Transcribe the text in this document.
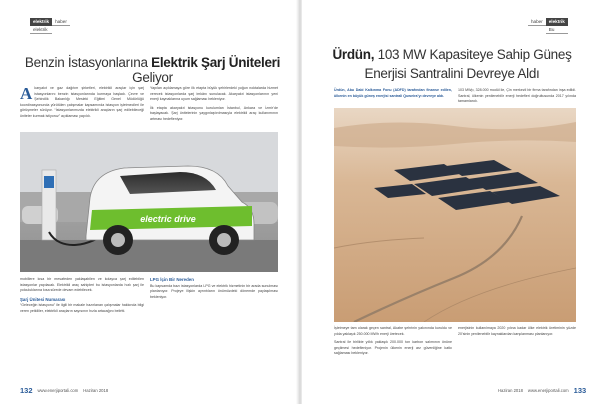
elektrik
elektrik
haber
Benzin İstasyonlarına Elektrik Şarj Üniteleri Geliyor
A karyakıt ve gaz dağıtım şirketleri, elektrikli araçlar için şarj istasyonlarını benzin istasyonlarında kurmaya başladı. Çevre ve Şehircilik Bakanlığı Mesleki Eğitimi Genel Müdürlüğü koordinasyonunda yürütülen çalışmalar kapsamında istasyon işletmecileri ile görüşmeler sürüyor. “İstasyonlarımızda elektrikli araçların şarj edilebileceği üniteler kurmak istiyoruz” açıklaması yapıldı.

Yapılan açıklamaya göre ilk etapta büyük şehirlerdeki yoğun noktalarda hizmet verecek istasyonlarda şarj imkânı sunulacak. Akaryakıt istasyonlarının yeni enerji kaynaklarına uyum sağlaması bekleniyor.

İlk etapta akaryakıt istasyonu kurulumları İstanbul, Ankara ve İzmir’de başlayacak. Şarj ünitelerinin yaygınlaştırılmasıyla elektrikli araç kullanımının artması hedefleniyor.

electric drive

mobillere kısa bir mesafeden yaklaşabilen ve kolayca şarj edilebilen istasyonlar yapılacak. Elektrikli araç sahipleri bu istasyonlarda hızlı şarj ile yolculuklarına kısa sürede devam edebilecek.

Şarj Ünitesi Numarası

“Geleceğin istasyonu” ile ilgili bir makale hazırlanan çalışmalar hakkında bilgi veren yetkililer, elektrikli araçların sayısının hızla artacağını belirtti.

LPG İçin Bir Nereden

Bu kapsamda bazı istasyonlarda LPG ve elektrik hizmetinin bir arada sunulması planlanıyor. Projeye ilişkin ayrıntıların önümüzdeki dönemde paylaşılması bekleniyor.

132 www.enerjiportali.com Haziran 2018
haber	elektrik
Bu
Ürdün, 103 MW Kapasiteye Sahip Güneş Enerjisi Santralini Devreye Aldı
Ürdün, Abu Dabi Kalkınma Fonu (ADFD) tarafından finanse edilen, ülkenin en büyük güneş enerjisi santrali Quweira’yı devreye aldı.

103 MWp, 328.000 modül ile, Çin merkezli bir firma tarafından inşa edildi. Santral, ülkenin yenilenebilir enerji hedefleri doğrultusunda 2017 yılında tamamlandı.

İşletmeye tam olarak geçen santral, Akabe şehrinin yakınında kuruldu ve yılda yaklaşık 250.000 MWh enerji üretecek.

Santral ile birlikte yıllık yaklaşık 200.000 ton karbon salımının önüne geçilmesi hedefleniyor. Projenin ülkenin enerji arz güvenliğine katkı sağlaması bekleniyor.

enerjisinin kullanılmaya 2020 yılına kadar ülke elektrik üretiminin yüzde 20’sinin yenilenebilir kaynaklardan karşılanması planlanıyor.

Haziran 2018 www.enerjiportali.com 133
